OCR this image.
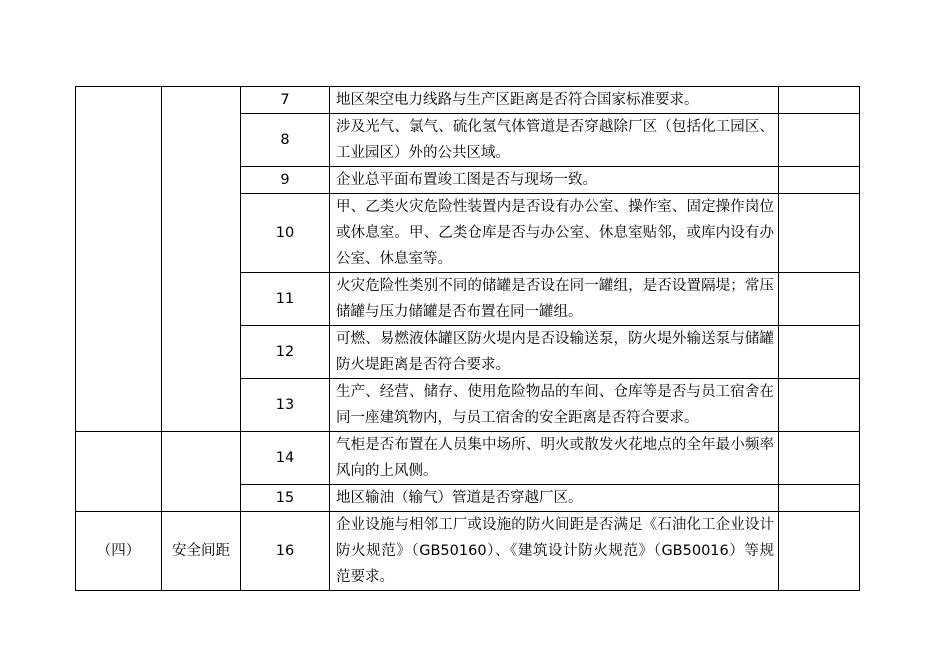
		7	地区架空电力线路与生产区距离是否符合国家标准要求。	
		8	涉及光气、氯气、硫化氢气体管道是否穿越除厂区（包括化工园区、工业园区）外的公共区域。	
		9	企业总平面布置竣工图是否与现场一致。	
		10	甲、乙类火灾危险性装置内是否设有办公室、操作室、固定操作岗位或休息室。甲、乙类仓库是否与办公室、休息室贴邻，或库内设有办公室、休息室等。	
		11	火灾危险性类别不同的储罐是否设在同一罐组，是否设置隔堤；常压储罐与压力储罐是否布置在同一罐组。	
		12	可燃、易燃液体罐区防火堤内是否设输送泵，防火堤外输送泵与储罐防火堤距离是否符合要求。	
		13	生产、经营、储存、使用危险物品的车间、仓库等是否与员工宿舍在同一座建筑物内，与员工宿舍的安全距离是否符合要求。	
		14	气柜是否布置在人员集中场所、明火或散发火花地点的全年最小频率风向的上风侧。	
		15	地区输油（输气）管道是否穿越厂区。	
（四）	安全间距	16	企业设施与相邻工厂或设施的防火间距是否满足《石油化工企业设计防火规范》（GB50160）、《建筑设计防火规范》（GB50016）等规范要求。	
